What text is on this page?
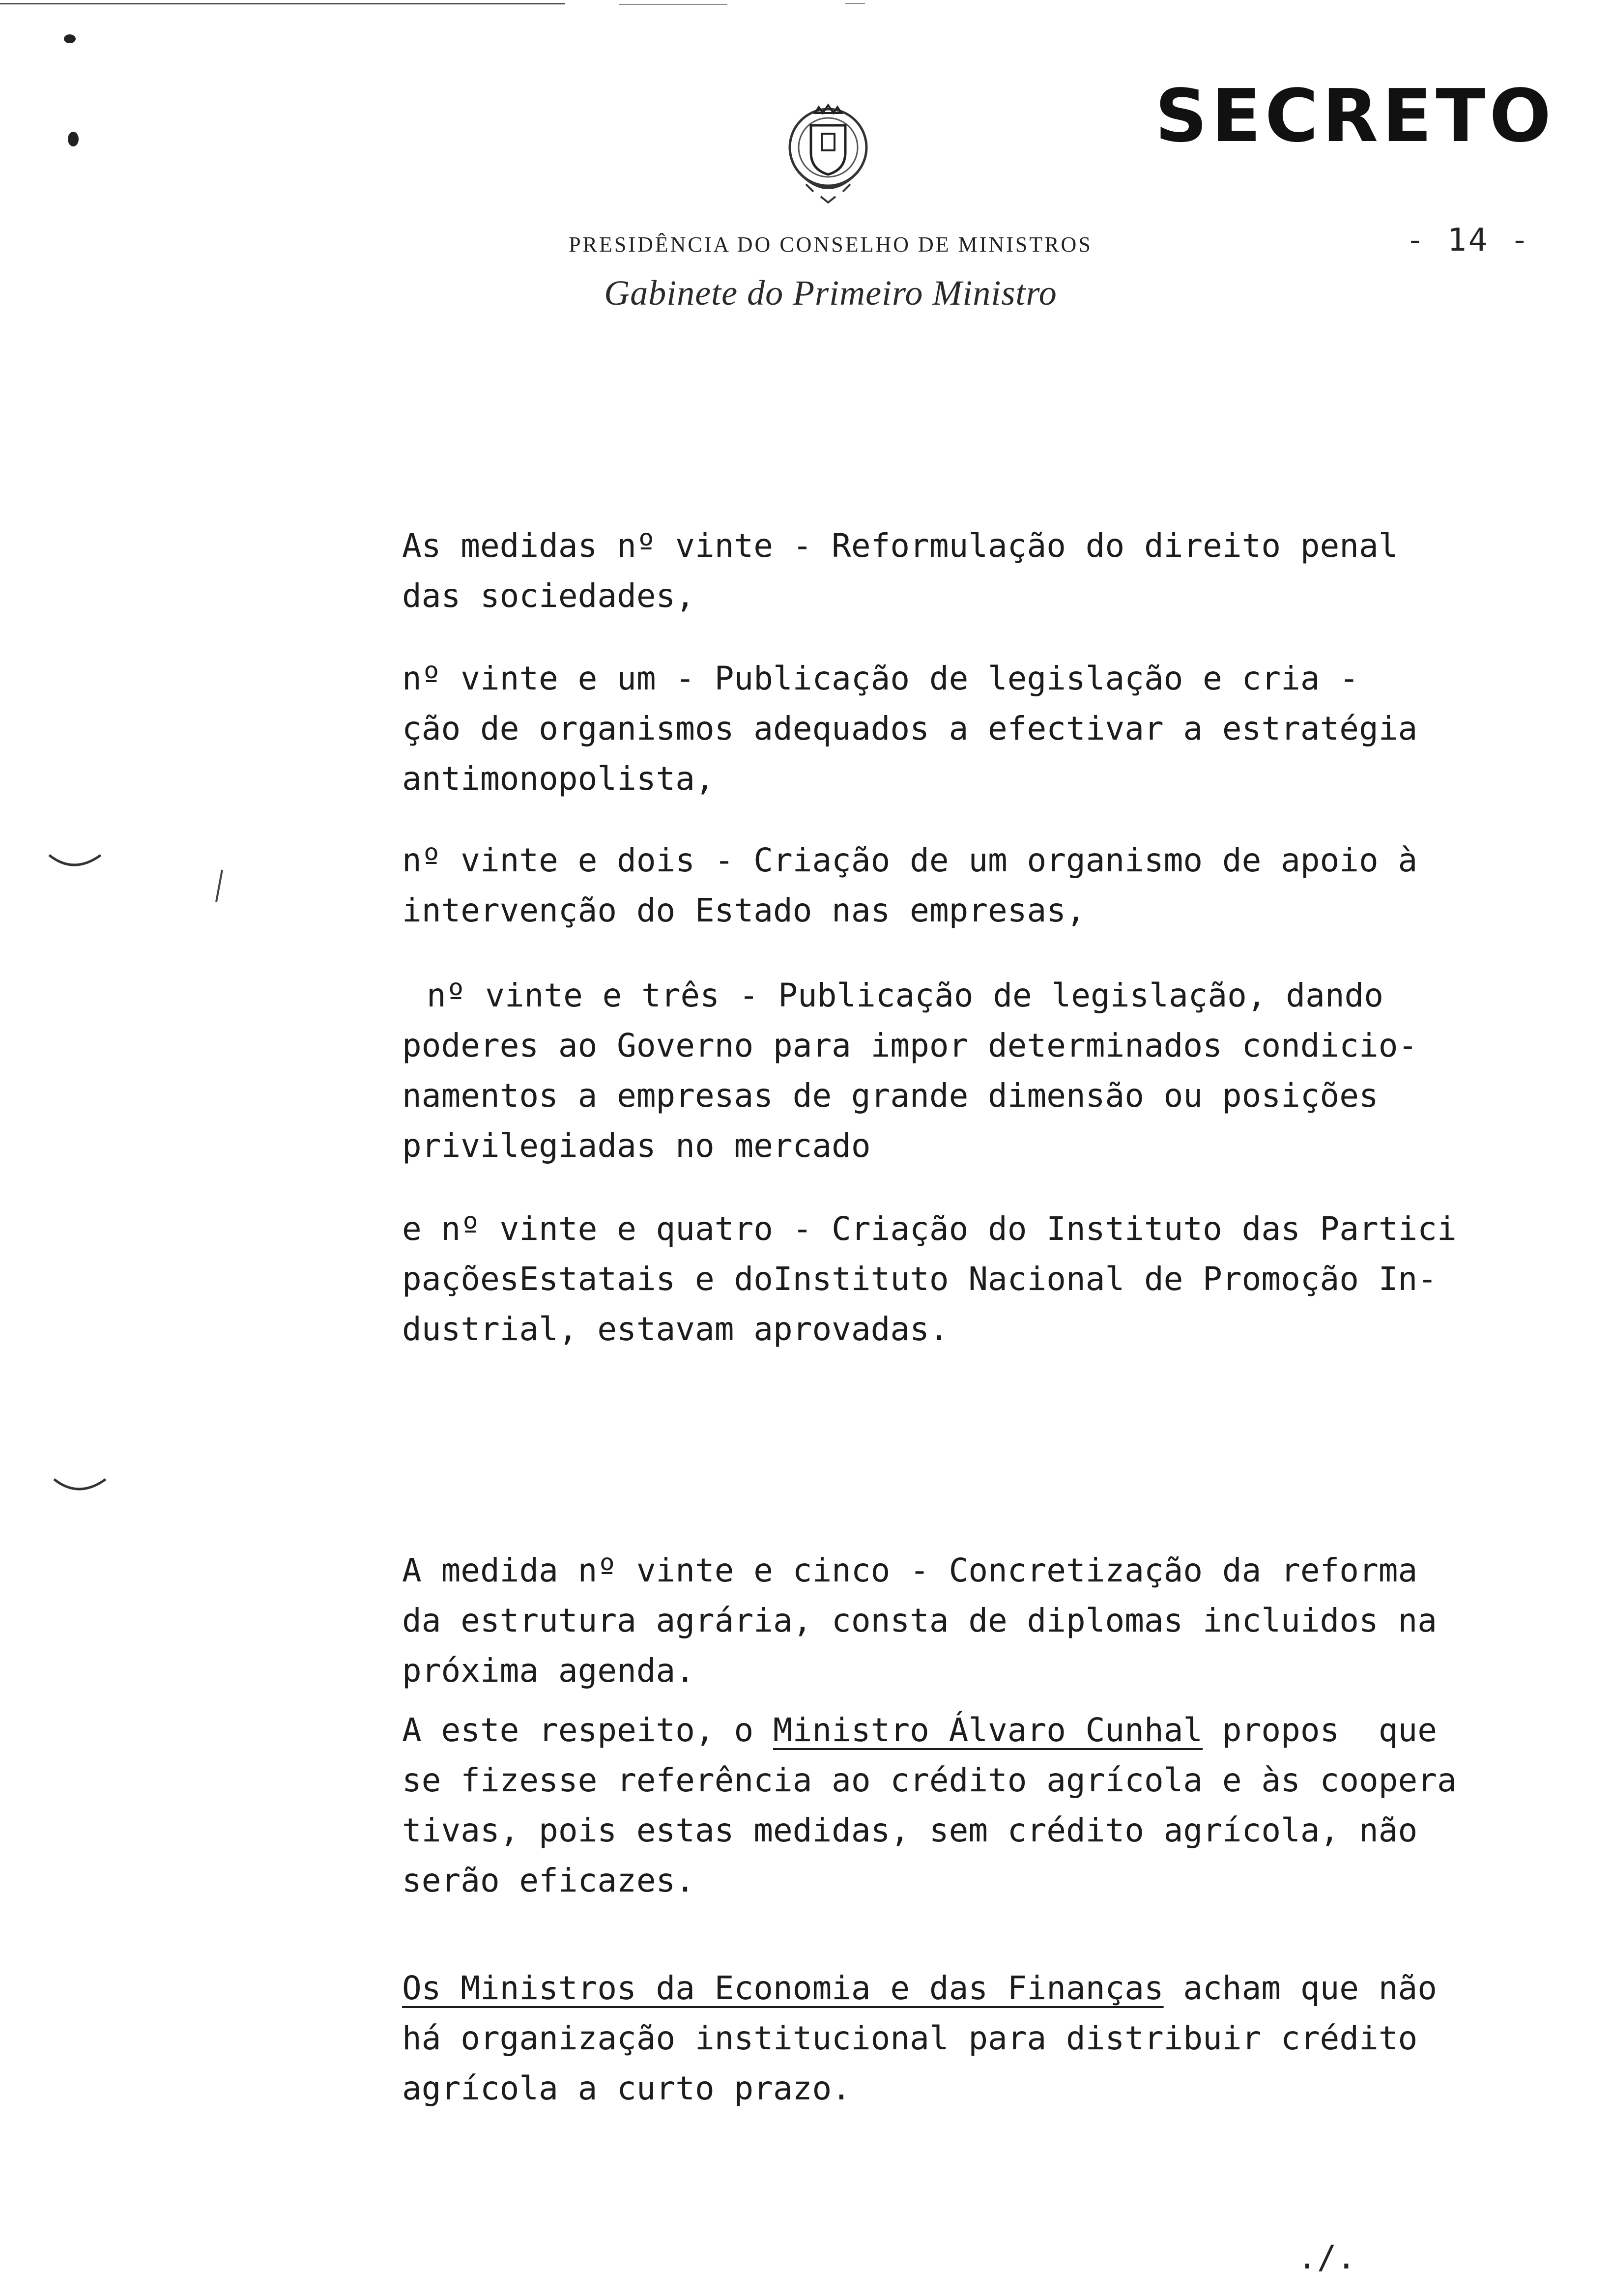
SECRETO
PRESIDÊNCIA DO CONSELHO DE MINISTROS
Gabinete do Primeiro Ministro
- 14 -
As medidas nº vinte - Reformulação do direito penal
das sociedades,
nº vinte e um - Publicação de legislação e cria -
ção de organismos adequados a efectivar a estratégia
antimonopolista,
nº vinte e dois - Criação de um organismo de apoio à
intervenção do Estado nas empresas,
nº vinte e três - Publicação de legislação, dando
poderes ao Governo para impor determinados condicio-
namentos a empresas de grande dimensão ou posições
privilegiadas no mercado
e nº vinte e quatro - Criação do Instituto das Partici
paçõesEstatais e doInstituto Nacional de Promoção In-
dustrial, estavam aprovadas.
A medida nº vinte e cinco - Concretização da reforma
da estrutura agrária, consta de diplomas incluidos na
próxima agenda.
A este respeito, o Ministro Álvaro Cunhal propos  que
se fizesse referência ao crédito agrícola e às coopera
tivas, pois estas medidas, sem crédito agrícola, não
serão eficazes.
Os Ministros da Economia e das Finanças acham que não
há organização institucional para distribuir crédito
agrícola a curto prazo.
./.
